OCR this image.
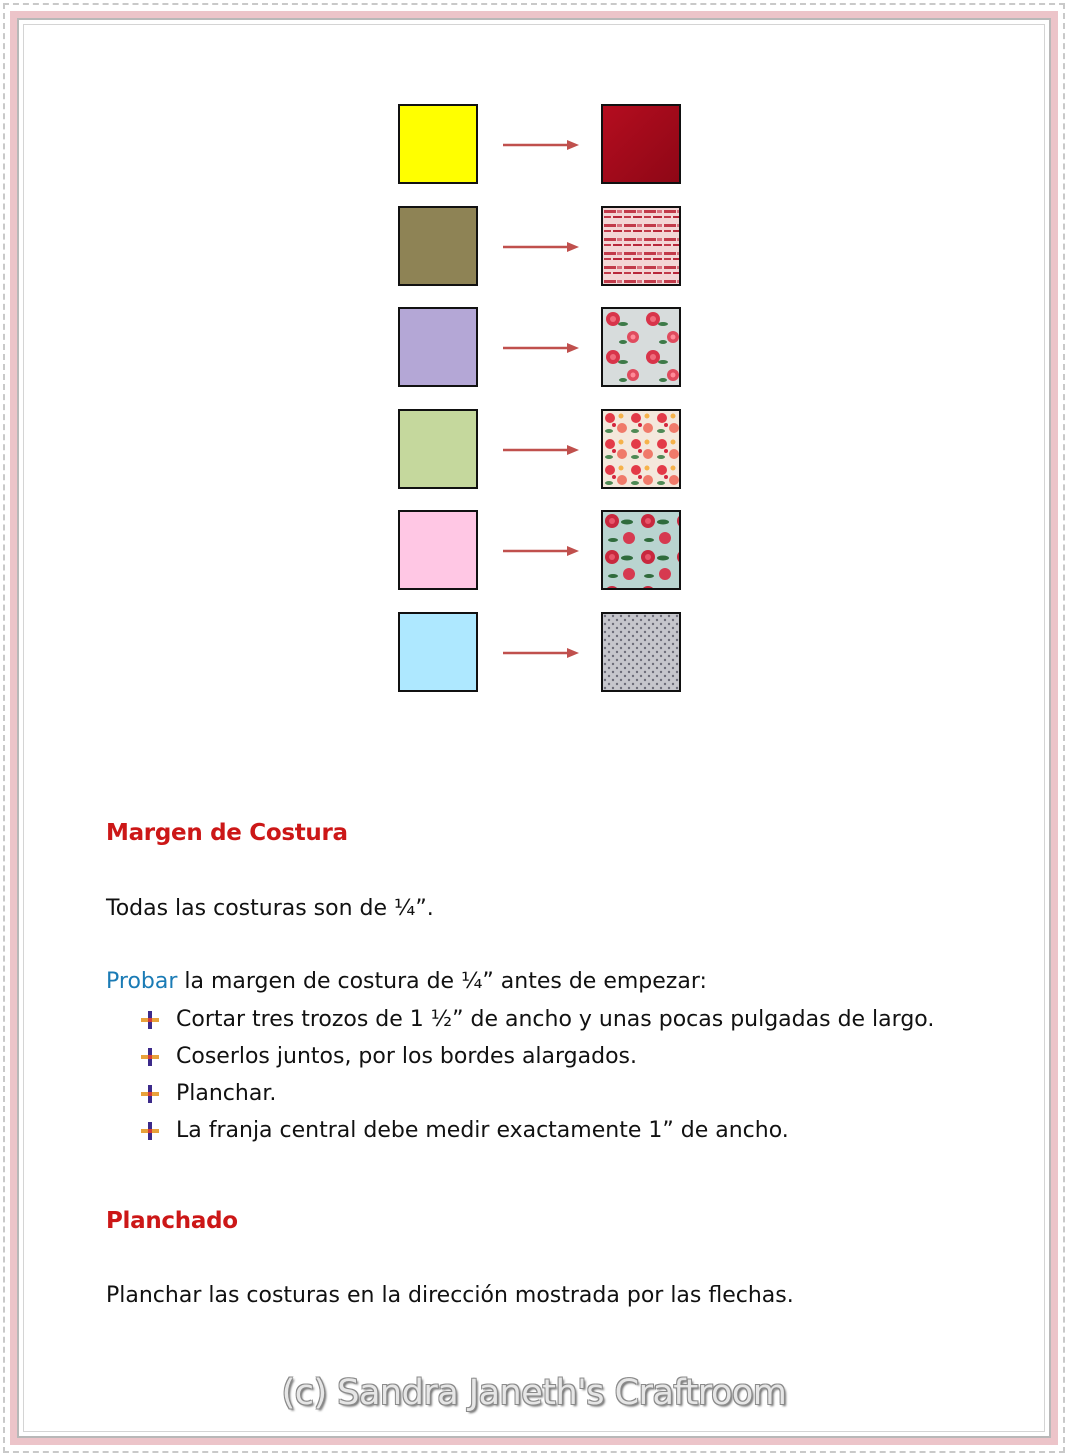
Margen de Costura

Todas las costuras son de ¼”.

Probar la margen de costura de ¼” antes de empezar:

Cortar tres trozos de 1 ½” de ancho y unas pocas pulgadas de largo.
Coserlos juntos, por los bordes alargados.
Planchar.
La franja central debe medir exactamente 1” de ancho.
Planchado

Planchar las costuras en la dirección mostrada por las flechas.

(c) Sandra Janeth's Craftroom
